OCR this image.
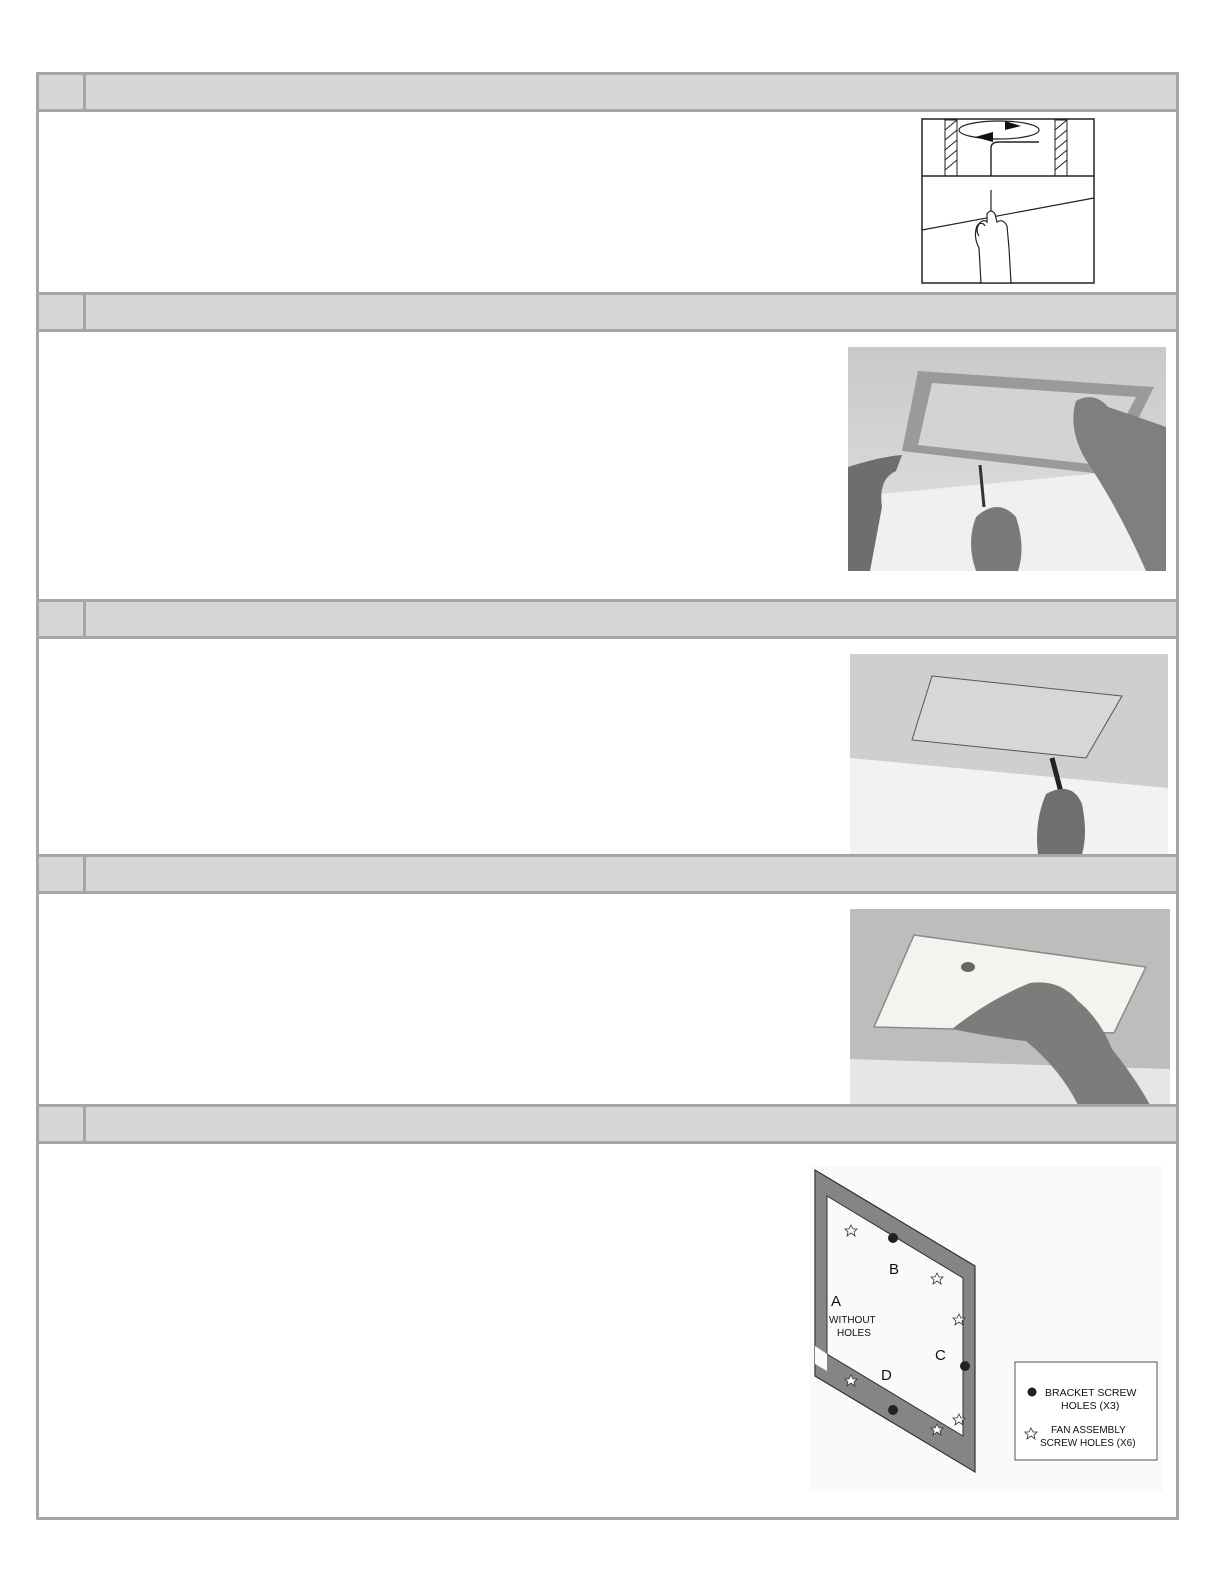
B
A
WITHOUT
HOLES
C
D
BRACKET SCREW
HOLES (X3)
FAN ASSEMBLY
SCREW HOLES (X6)
